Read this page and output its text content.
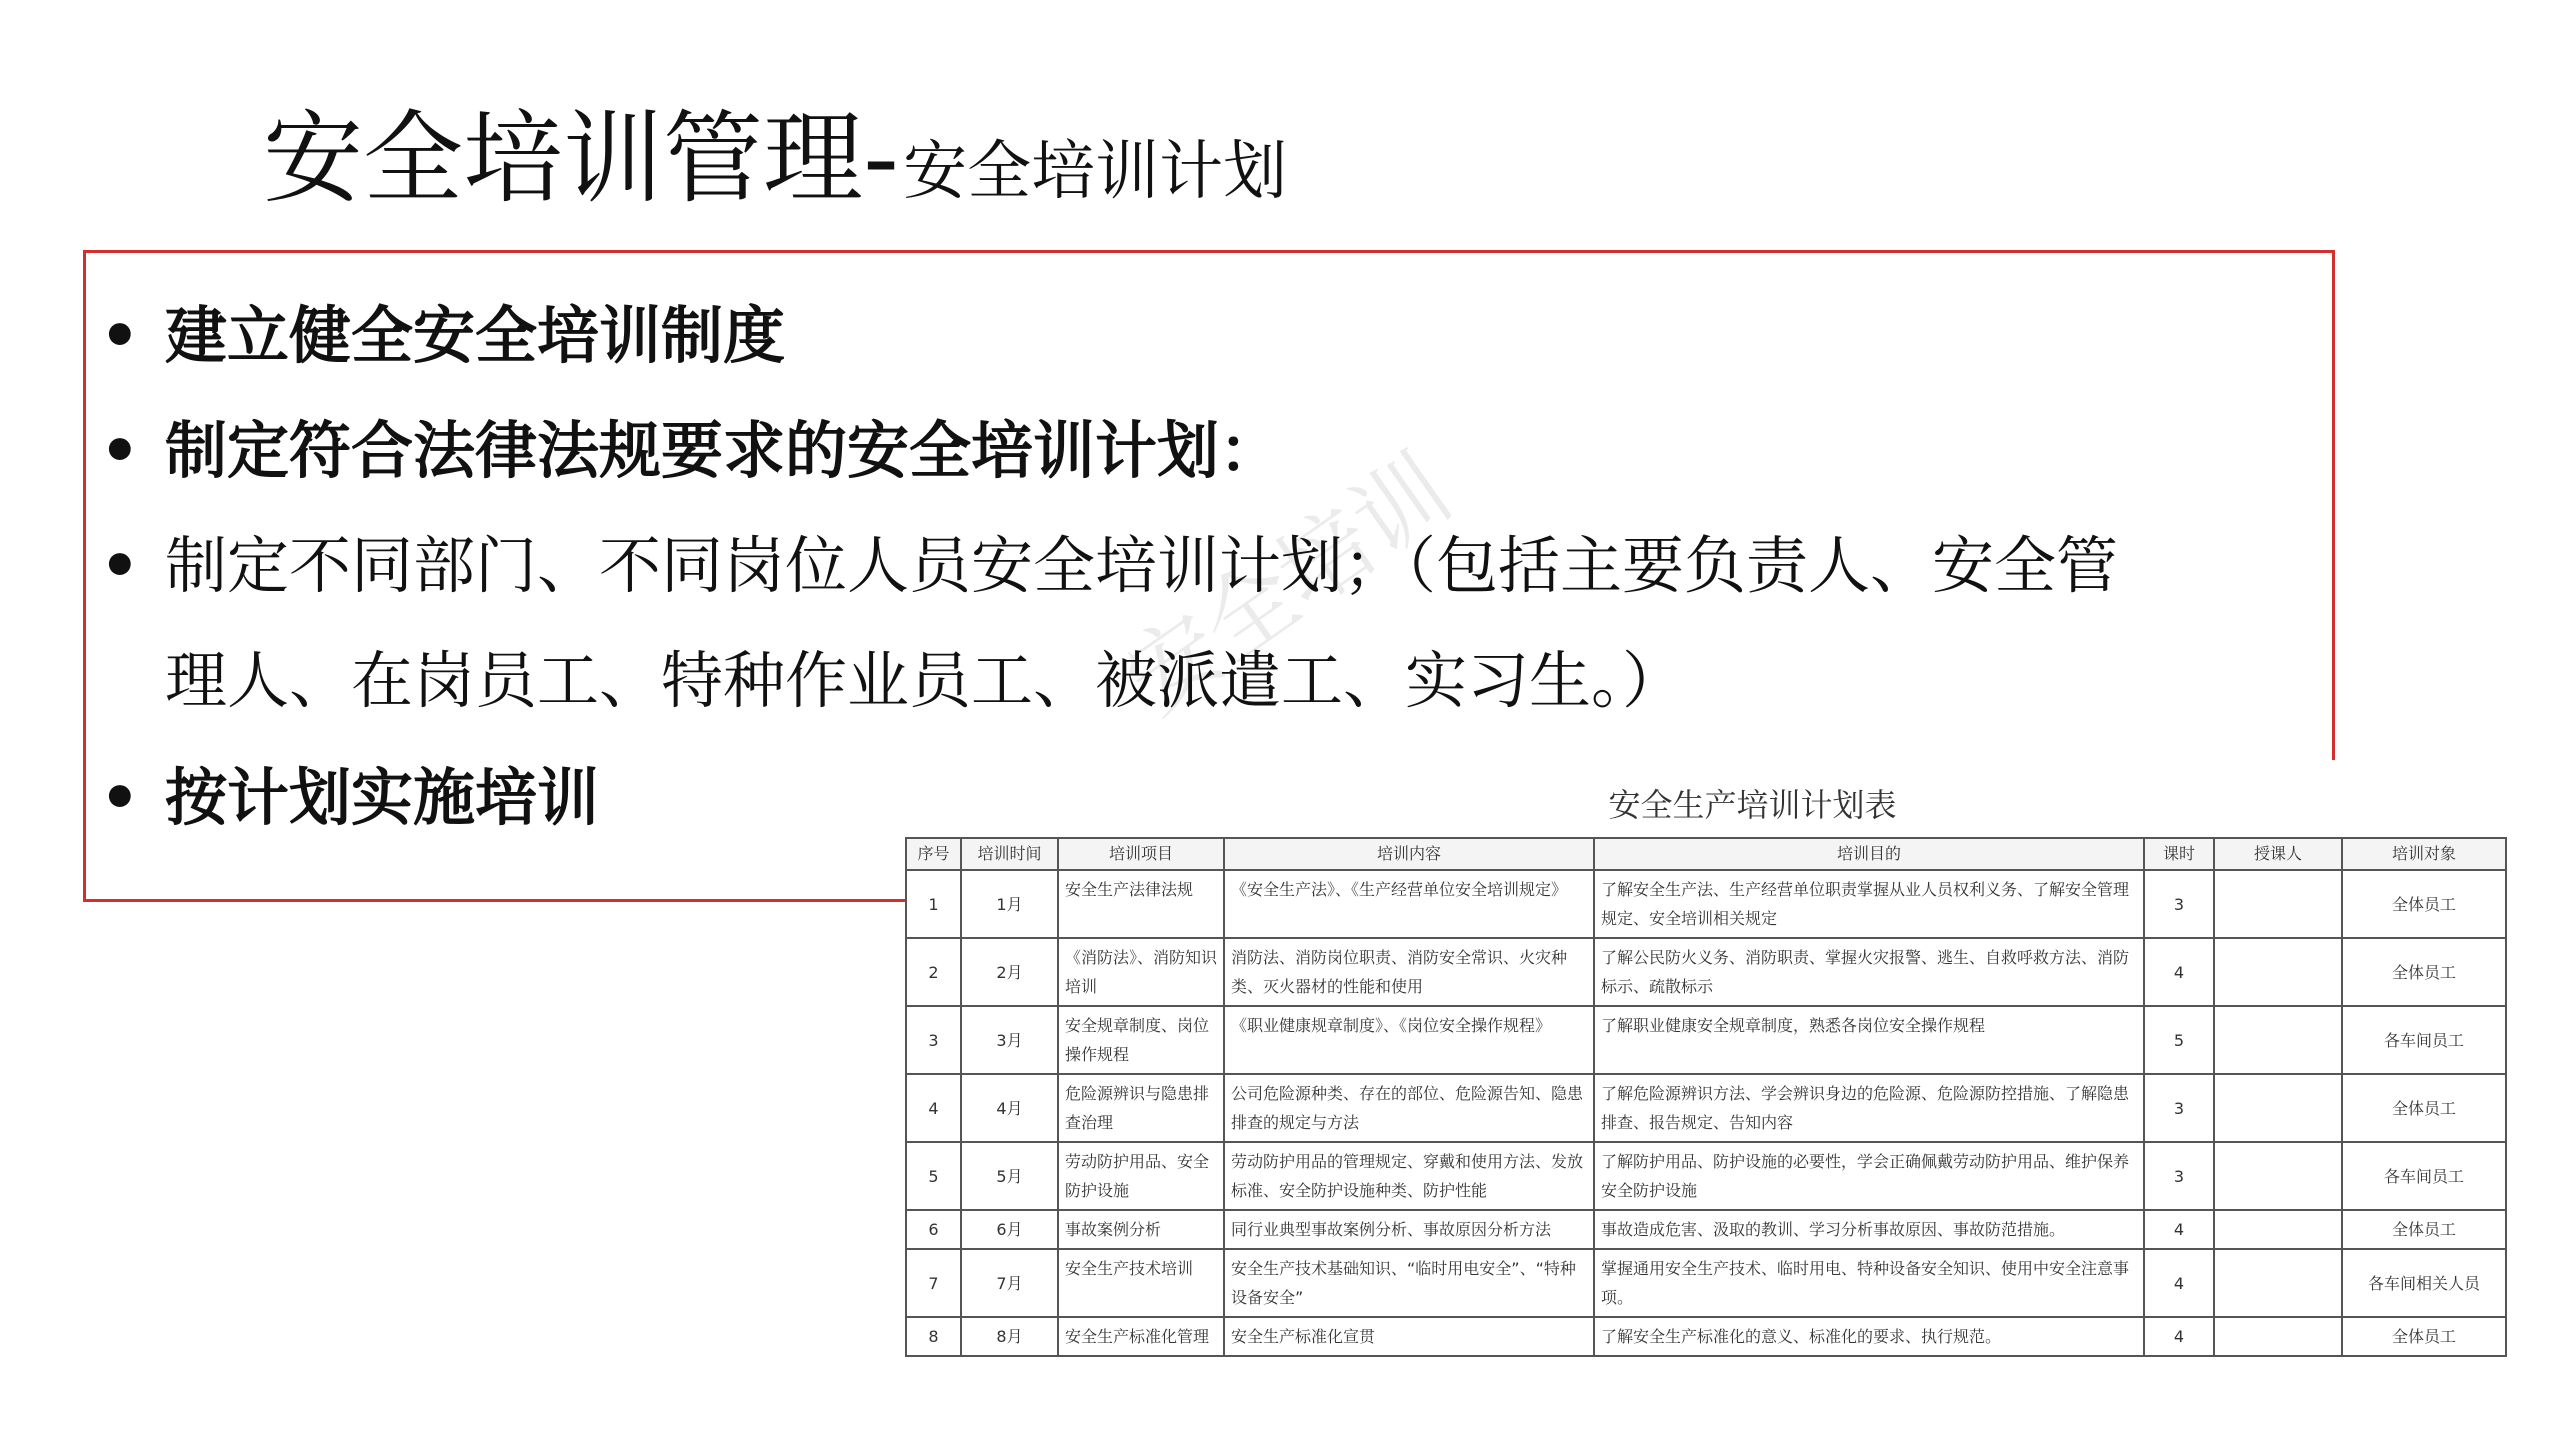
安全培训管理-安全培训计划
• 建立健全安全培训制度
• 制定符合法律法规要求的安全培训计划：
• 制定不同部门、不同岗位人员安全培训计划；（包括主要负责人、安全管
理人、在岗员工、特种作业员工、被派遣工、实习生。）
• 按计划实施培训
安全培训
安全生产培训计划表
序号	培训时间	培训项目	培训内容	培训目的	课时	授课人	培训对象
1	1月	安全生产法律法规	《安全生产法》、《生产经营单位安全培训规定》	了解安全生产法、生产经营单位职责掌握从业人员权利义务、了解安全管理规定、安全培训相关规定	3		全体员工
2	2月	《消防法》、消防知识培训	消防法、消防岗位职责、消防安全常识、火灾种类、灭火器材的性能和使用	了解公民防火义务、消防职责、掌握火灾报警、逃生、自救呼救方法、消防标示、疏散标示	4		全体员工
3	3月	安全规章制度、岗位操作规程	《职业健康规章制度》、《岗位安全操作规程》	了解职业健康安全规章制度，熟悉各岗位安全操作规程	5		各车间员工
4	4月	危险源辨识与隐患排查治理	公司危险源种类、存在的部位、危险源告知、隐患排查的规定与方法	了解危险源辨识方法、学会辨识身边的危险源、危险源防控措施、了解隐患排查、报告规定、告知内容	3		全体员工
5	5月	劳动防护用品、安全防护设施	劳动防护用品的管理规定、穿戴和使用方法、发放标准、安全防护设施种类、防护性能	了解防护用品、防护设施的必要性，学会正确佩戴劳动防护用品、维护保养安全防护设施	3		各车间员工
6	6月	事故案例分析	同行业典型事故案例分析、事故原因分析方法	事故造成危害、汲取的教训、学习分析事故原因、事故防范措施。	4		全体员工
7	7月	安全生产技术培训	安全生产技术基础知识、“临时用电安全”、“特种设备安全”	掌握通用安全生产技术、临时用电、特种设备安全知识、使用中安全注意事项。	4		各车间相关人员
8	8月	安全生产标准化管理	安全生产标准化宣贯	了解安全生产标准化的意义、标准化的要求、执行规范。	4		全体员工
